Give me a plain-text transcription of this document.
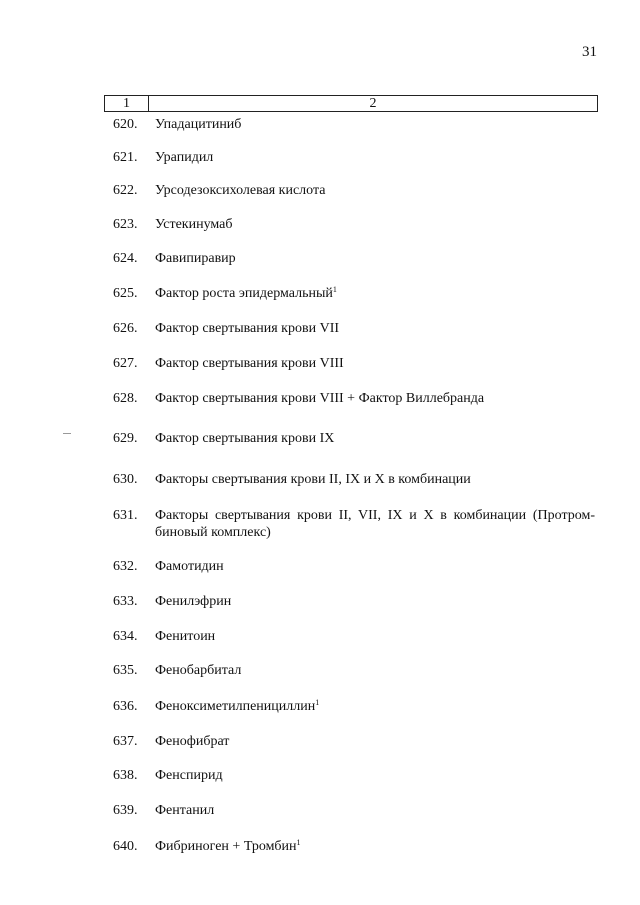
31
1	2
620.	Упадацитиниб
621.	Урапидил
622.	Урсодезоксихолевая кислота
623.	Устекинумаб
624.	Фавипиравир
625.	Фактор роста эпидермальный$^1$
626.	Фактор свертывания крови VII
627.	Фактор свертывания крови VIII
628.	Фактор свертывания крови VIII + Фактор Виллебранда
629.	Фактор свертывания крови IX
630.	Факторы свертывания крови II, IX и X в комбинации
631.	Факторы свертывания крови II, VII, IX и X в комбинации (Протром-биновый комплекс)
632.	Фамотидин
633.	Фенилэфрин
634.	Фенитоин
635.	Фенобарбитал
636.	Феноксиметилпенициллин$^1$
637.	Фенофибрат
638.	Фенспирид
639.	Фентанил
640.	Фибриноген + Тромбин$^1$
